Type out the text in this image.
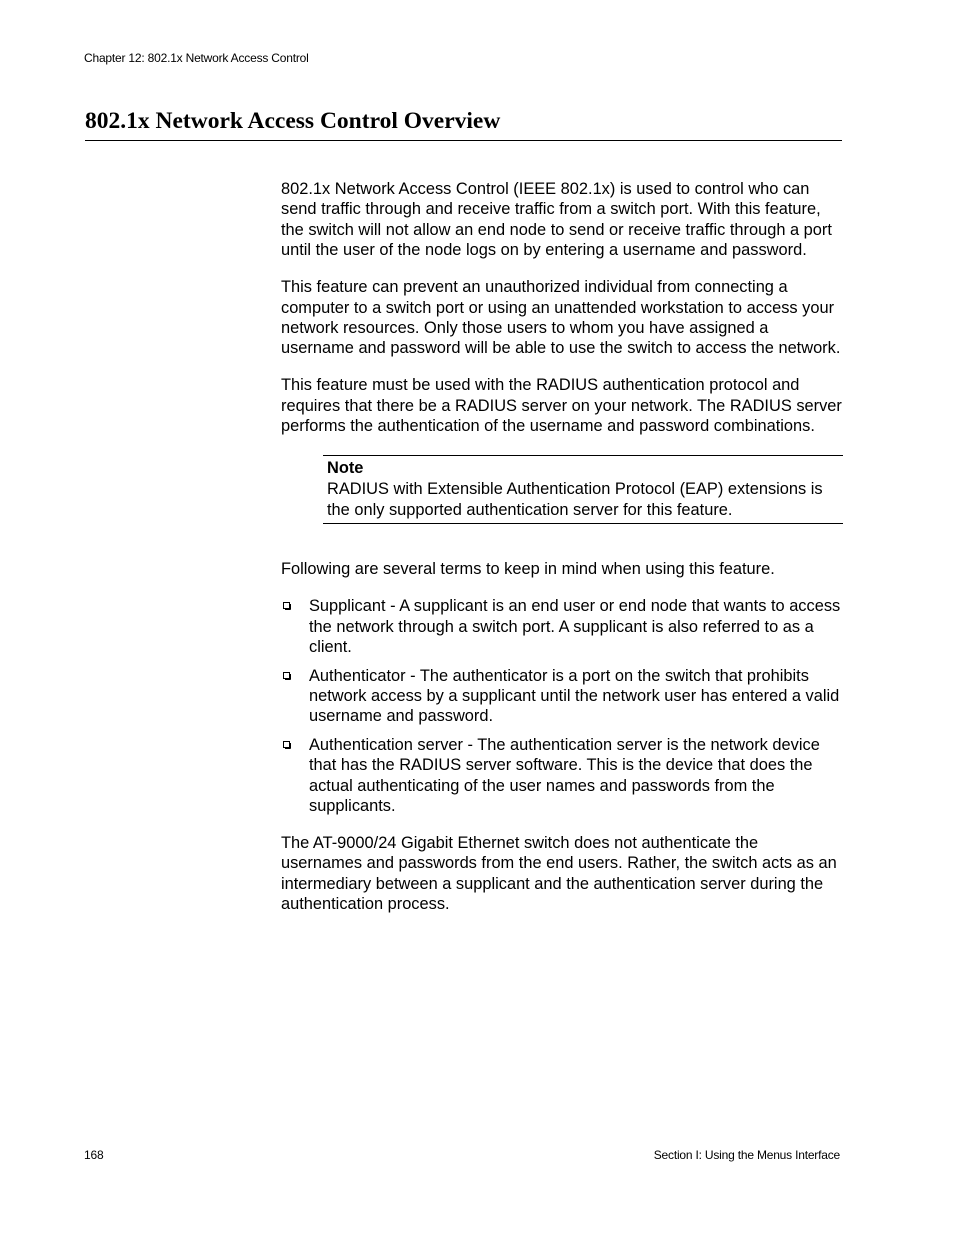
Chapter 12: 802.1x Network Access Control
802.1x Network Access Control Overview

802.1x Network Access Control (IEEE 802.1x) is used to control who can send traffic through and receive traffic from a switch port. With this feature, the switch will not allow an end node to send or receive traffic through a port until the user of the node logs on by entering a username and password.

This feature can prevent an unauthorized individual from connecting a computer to a switch port or using an unattended workstation to access your network resources. Only those users to whom you have assigned a username and password will be able to use the switch to access the network.

This feature must be used with the RADIUS authentication protocol and requires that there be a RADIUS server on your network. The RADIUS server performs the authentication of the username and password combinations.

Note
RADIUS with Extensible Authentication Protocol (EAP) extensions is the only supported authentication server for this feature.

Following are several terms to keep in mind when using this feature.

Supplicant - A supplicant is an end user or end node that wants to access the network through a switch port. A supplicant is also referred to as a client.
Authenticator - The authenticator is a port on the switch that prohibits network access by a supplicant until the network user has entered a valid username and password.
Authentication server - The authentication server is the network device that has the RADIUS server software. This is the device that does the actual authenticating of the user names and passwords from the supplicants.

The AT-9000/24 Gigabit Ethernet switch does not authenticate the usernames and passwords from the end users. Rather, the switch acts as an intermediary between a supplicant and the authentication server during the authentication process.

168	Section I: Using the Menus Interface
